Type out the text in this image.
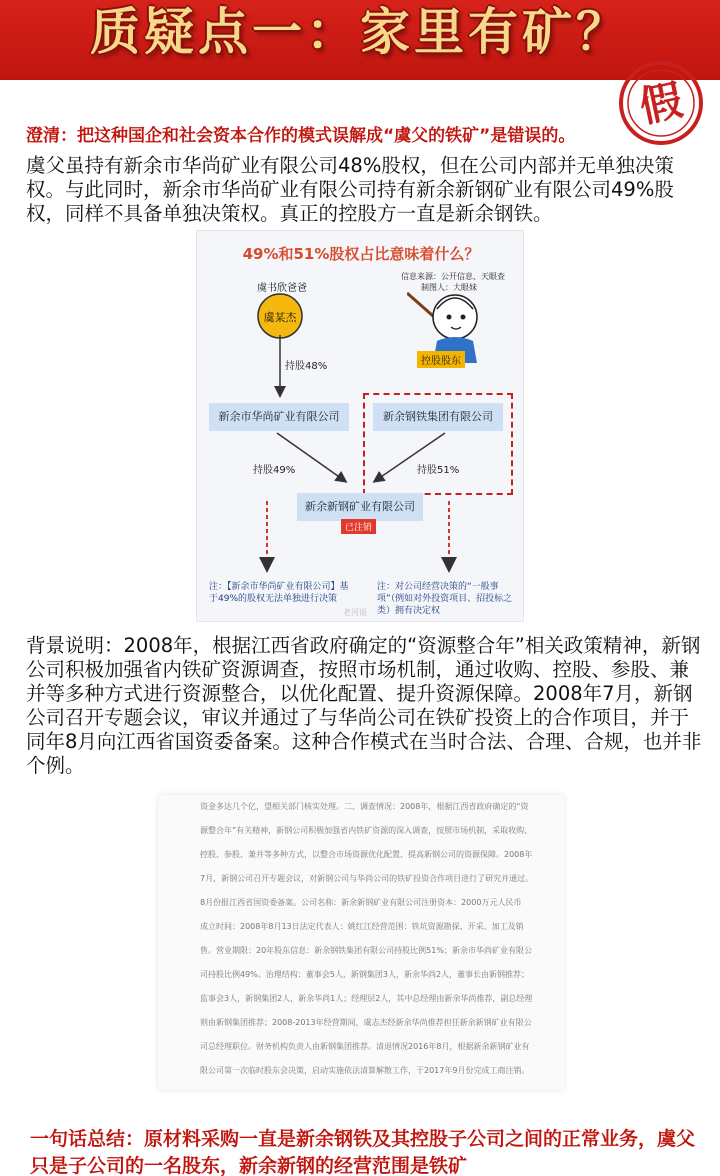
质疑点一：家里有矿？
假
澄清：把这种国企和社会资本合作的模式误解成“虞父的铁矿”是错误的。
虞父虽持有新余市华尚矿业有限公司48%股权，但在公司内部并无单独决策权。与此同时，新余市华尚矿业有限公司持有新余新钢矿业有限公司49%股权，同样不具备单独决策权。真正的控股方一直是新余钢铁。
49%和51%股权占比意味着什么？
信息来源：公开信息、天眼查
制图人：大眼妹
虞书欣爸爸
虞某杰
控股股东
持股48%
新余市华尚矿业有限公司	新余钢铁集团有限公司
持股49%	持股51%
新余新钢矿业有限公司
已注销
注：【新余市华尚矿业有限公司】基于49%的股权无法单独进行决策
注：对公司经营决策的“一般事项”（例如对外投资项目、招投标之类）拥有决定权
老河谣
背景说明：2008年，根据江西省政府确定的“资源整合年”相关政策精神，新钢公司积极加强省内铁矿资源调查，按照市场机制，通过收购、控股、参股、兼并等多种方式进行资源整合，以优化配置、提升资源保障。2008年7月，新钢公司召开专题会议，审议并通过了与华尚公司在铁矿投资上的合作项目，并于同年8月向江西省国资委备案。这种合作模式在当时合法、合理、合规，也并非个例。
资金多达几个亿，望相关部门核实处理。二、调查情况：2008年，根据江西省政府确定的“资
源整合年”有关精神，新钢公司积极加强省内铁矿资源的深入调查，按照市场机制，采取收购、
控股、参股、兼并等多种方式，以整合市场资源优化配置、提高新钢公司的资源保障。2008年
7月，新钢公司召开专题会议，对新钢公司与华尚公司的铁矿投资合作项目进行了研究并通过。
8月份报江西省国资委备案。公司名称：新余新钢矿业有限公司注册资本：2000万元人民币
成立时间：2008年8月13日法定代表人：姚红江经营范围：铁坑资源勘探、开采、加工及销
售。营业期限：20年股东信息：新余钢铁集团有限公司持股比例51%；新余市华尚矿业有限公
司持股比例49%。治理结构：董事会5人，新钢集团3人，新余华尚2人，董事长由新钢推荐；
监事会3人，新钢集团2人，新余华尚1人；经理层2人，其中总经理由新余华尚推荐，副总经理
则由新钢集团推荐；2008-2013年经营期间，虞志杰经新余华尚推荐担任新余新钢矿业有限公
司总经理职位。财务机构负责人由新钢集团推荐。清退情况2016年8月，根据新余新钢矿业有
限公司第一次临时股东会决策，启动实施依法清算解散工作，于2017年9月份完成工商注销。
一句话总结：原材料采购一直是新余钢铁及其控股子公司之间的正常业务，虞父只是子公司的一名股东，新余新钢的经营范围是铁矿
